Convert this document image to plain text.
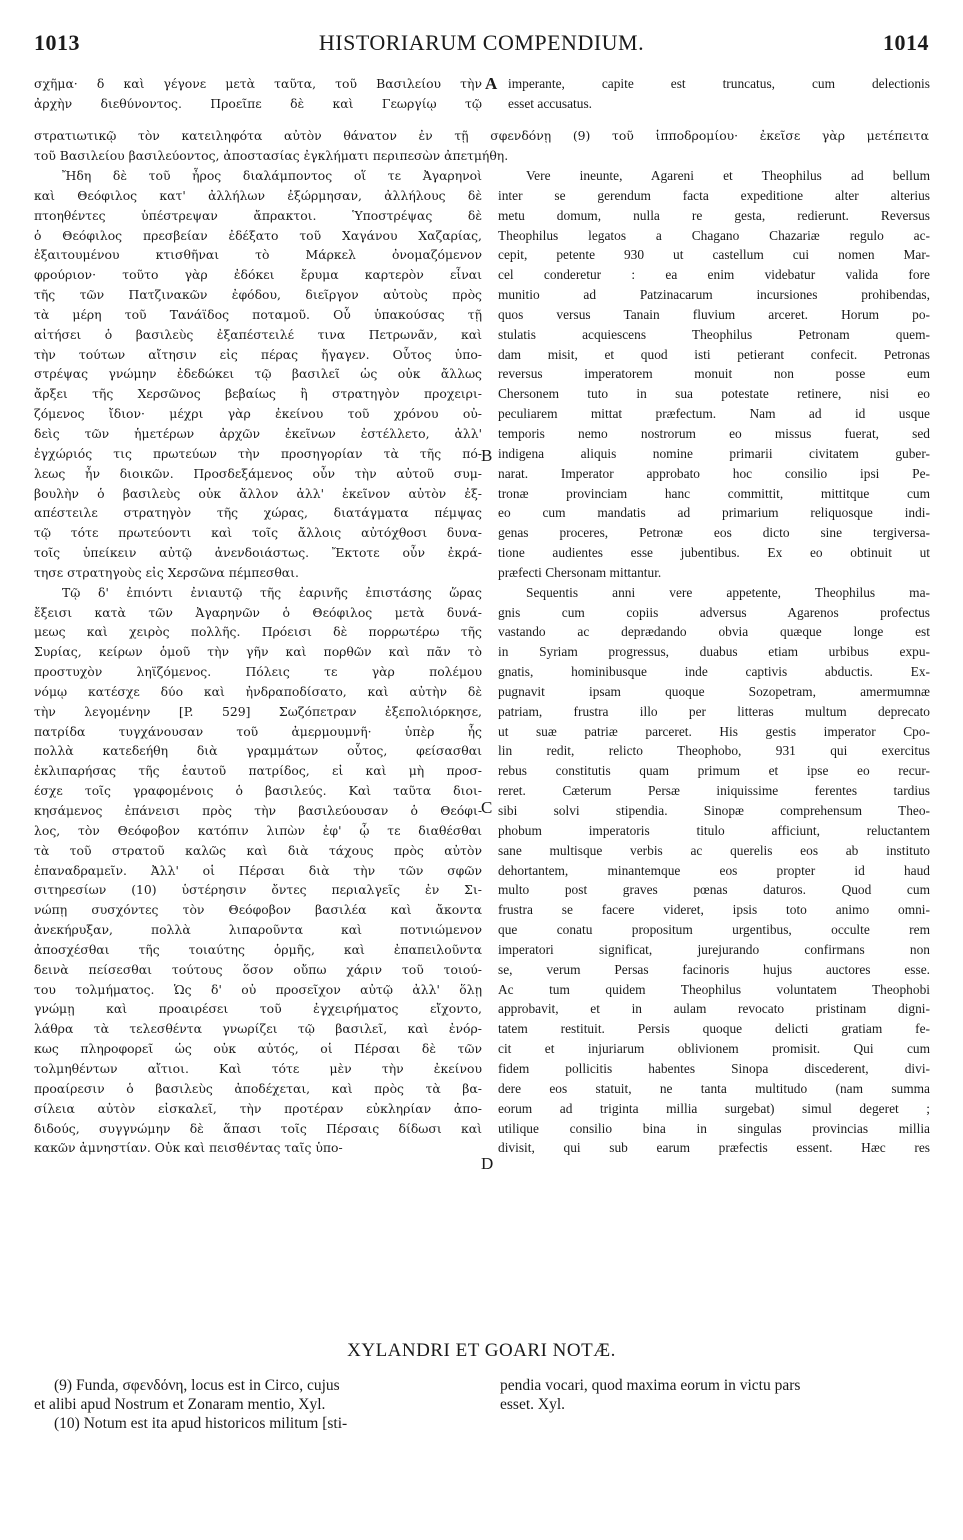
1013	HISTORIARUM COMPENDIUM.	1014
σχῆμα· δ καὶ γέγονε μετὰ ταῦτα, τοῦ Βασιλείου τὴν
ἀρχὴν διεθύνοντος. Προεῖπε δὲ καὶ Γεωργίῳ τῷ
imperante, capite est truncatus, cum delectionis
esset accusatus.
στρατιωτικῷ τὸν κατειληφότα αὐτὸν θάνατον ἐν τῇ σφενδόνῃ (9) τοῦ ἱπποδρομίου· ἐκεῖσε γὰρ μετέπειτα
τοῦ Βασιλείου βασιλεύοντος, ἀποστασίας ἐγκλήματι περιπεσὼν ἀπετμήθη.
Ἤδη δὲ τοῦ ἦρος διαλάμποντος οἵ τε Ἀγαρηνοὶ
καὶ Θεόφιλος κατ' ἀλλήλων ἐξώρμησαν, ἀλλήλους δὲ
πτοηθέντες ὑπέστρεψαν ἄπρακτοι. Ὑποστρέψας δὲ
ὁ Θεόφιλος πρεσβείαν ἐδέξατο τοῦ Χαγάνου Χαζαρίας,
ἐξαιτουμένου κτισθῆναι τὸ Μάρκελ ὀνομαζόμενον
φρούριον· τοῦτο γὰρ ἐδόκει ἔρυμα καρτερὸν εἶναι
τῆς τῶν Πατζινακῶν ἐφόδου, διεῖργον αὐτοὺς πρὸς
τὰ μέρη τοῦ Τανάϊδος ποταμοῦ. Οὗ ὑπακούσας τῇ
αἰτήσει ὁ βασιλεὺς ἐξαπέστειλέ τινα Πετρωνᾶν, καὶ
τὴν τούτων αἴτησιν εἰς πέρας ἤγαγεν. Οὗτος ὑπο-
στρέψας γνώμην ἐδεδώκει τῷ βασιλεῖ ὡς οὐκ ἄλλως
ἄρξει τῆς Χερσῶνος βεβαίως ἢ στρατηγὸν προχειρι-
ζόμενος ἴδιον· μέχρι γὰρ ἐκείνου τοῦ χρόνου οὐ-
δεὶς τῶν ἡμετέρων ἀρχῶν ἐκεῖνων ἐστέλλετο, ἀλλ'
ἐγχώριός τις πρωτεύων τὴν προσηγορίαν τὰ τῆς πό-
λεως ἦν διοικῶν. Προσδεξάμενος οὖν τὴν αὐτοῦ συμ-
βουλὴν ὁ βασιλεὺς οὐκ ἄλλον ἀλλ' ἐκεῖνον αὐτὸν ἐξ-
απέστειλε στρατηγὸν τῆς χώρας, διατάγματα πέμψας
τῷ τότε πρωτεύοντι καὶ τοῖς ἄλλοις αὐτόχθοσι δυνα-
τοῖς ὑπείκειν αὐτῷ ἀνενδοιάστως. Ἔκτοτε οὖν ἐκρά-
τησε στρατηγοὺς εἰς Χερσῶνα πέμπεσθαι.
Τῷ δ' ἐπιόντι ἐνιαυτῷ τῆς ἐαρινῆς ἐπιστάσης ὥρας
ἔξεισι κατὰ τῶν Ἀγαρηνῶν ὁ Θεόφιλος μετὰ δυνά-
μεως καὶ χειρὸς πολλῆς. Πρόεισι δὲ πορρωτέρω τῆς
Συρίας, κείρων ὁμοῦ τὴν γῆν καὶ πορθῶν καὶ πᾶν τὸ
προστυχὸν ληϊζόμενος. Πόλεις τε γὰρ πολέμου
νόμῳ κατέσχε δύο καὶ ἠνδραποδίσατο, καὶ αὐτὴν δὲ
τὴν λεγομένην [P. 529] Σωζόπετραν ἐξεπολιόρκησε,
πατρίδα τυγχάνουσαν τοῦ ἀμερμουμνῆ· ὑπὲρ ἧς
πολλὰ κατεδεήθη διὰ γραμμάτων οὗτος, φείσασθαι
ἐκλιπαρήσας τῆς ἑαυτοῦ πατρίδος, εἰ καὶ μὴ προσ-
έσχε τοῖς γραφομένοις ὁ βασιλεύς. Καὶ ταῦτα διοι-
κησάμενος ἐπάνεισι πρὸς τὴν βασιλεύουσαν ὁ Θεόφι-
λος, τὸν Θεόφοβον κατόπιν λιπὼν ἐφ' ᾧ τε διαθέσθαι
τὰ τοῦ στρατοῦ καλῶς καὶ διὰ τάχους πρὸς αὐτὸν
ἐπαναδραμεῖν. Ἀλλ' οἱ Πέρσαι διὰ τὴν τῶν σφῶν
σιτηρεσίων (10) ὑστέρησιν ὄντες περιαλγεῖς ἐν Σι-
νώπῃ συσχόντες τὸν Θεόφοβον βασιλέα καὶ ἄκοντα
ἀνεκήρυξαν, πολλὰ λιπαροῦντα καὶ ποτνιώμενον
ἀποσχέσθαι τῆς τοιαύτης ὁρμῆς, καὶ ἐπαπειλοῦντα
δεινὰ πείσεσθαι τούτους ὅσον οὔπω χάριν τοῦ τοιού-
του τολμήματος. Ὡς δ' οὐ προσεῖχον αὐτῷ ἀλλ' ὅλῃ
γνώμῃ καὶ προαιρέσει τοῦ ἐγχειρήματος εἴχοντο,
λάθρα τὰ τελεσθέντα γνωρίζει τῷ βασιλεῖ, καὶ ἐνόρ-
κως πληροφορεῖ ὡς οὐκ αὐτός, οἱ Πέρσαι δὲ τῶν
τολμηθέντων αἴτιοι. Καὶ τότε μὲν τὴν ἐκείνου
προαίρεσιν ὁ βασιλεὺς ἀποδέχεται, καὶ πρὸς τὰ βα-
σίλεια αὐτὸν εἰσκαλεῖ, τὴν προτέραν εὐκληρίαν ἀπο-
διδούς, συγγνώμην δὲ ἅπασι τοῖς Πέρσαις δίδωσι καὶ
κακῶν ἀμνηστίαν. Οὐκ καὶ πεισθέντας ταῖς ὑπο-
Vere ineunte, Agareni et Theophilus ad bellum
inter se gerendum facta expeditione alter alterius
metu domum, nulla re gesta, redierunt. Reversus
Theophilus legatos a Chagano Chazariæ regulo ac-
cepit, petente 930 ut castellum cui nomen Mar-
cel conderetur : ea enim videbatur valida fore
munitio ad Patzinacarum incursiones prohibendas,
quos versus Tanain fluvium arceret. Horum po-
stulatis acquiescens Theophilus Petronam quem-
dam misit, et quod isti petierant confecit. Petronas
reversus imperatorem monuit non posse eum
Chersonem tuto in sua potestate retinere, nisi eo
peculiarem mittat præfectum. Nam ad id usque
temporis nemo nostrorum eo missus fuerat, sed
indigena aliquis nomine primarii civitatem guber-
narat. Imperator approbato hoc consilio ipsi Pe-
tronæ provinciam hanc committit, mittitque cum
eo cum mandatis ad primarium reliquosque indi-
genas proceres, Petronæ eos dicto sine tergiversa-
tione audientes esse jubentibus. Ex eo obtinuit ut
præfecti Chersonam mittantur.
Sequentis anni vere appetente, Theophilus ma-
gnis cum copiis adversus Agarenos profectus
vastando ac deprædando obvia quæque longe est
in Syriam progressus, duabus etiam urbibus expu-
gnatis, hominibusque inde captivis abductis. Ex-
pugnavit ipsam quoque Sozopetram, amermumnæ
patriam, frustra illo per litteras multum deprecato
ut suæ patriæ parceret. His gestis imperator Cpo-
lin redit, relicto Theophobo, 931 qui exercitus
rebus constitutis quam primum et ipse eo recur-
reret. Cæterum Persæ iniquissime ferentes tardius
sibi solvi stipendia. Sinopæ comprehensum Theo-
phobum imperatoris titulo afficiunt, reluctantem
sane multisque verbis ac querelis eos ab instituto
dehortantem, minantemque eos propter id haud
multo post graves pœnas daturos. Quod cum
frustra se facere videret, ipsis toto animo omni-
que conatu propositum urgentibus, occulte rem
imperatori significat, jurejurando confirmans non
se, verum Persas facinoris hujus auctores esse.
Ac tum quidem Theophilus voluntatem Theophobi
approbavit, et in aulam revocato pristinam digni-
tatem restituit. Persis quoque delicti gratiam fe-
cit et injuriarum oblivionem promisit. Qui cum
fidem pollicitis habentes Sinopa discederent, divi-
dere eos statuit, ne tanta multitudo (nam summa
eorum ad triginta millia surgebat) simul degeret ;
utilique consilio bina in singulas provincias millia
divisit, qui sub earum præfectis essent. Hæc res
A
B
C
D
XYLANDRI ET GOARI NOTÆ.
(9) Funda, σφενδόνη, locus est in Circo, cujus
et alibi apud Nostrum et Zonaram mentio, Xyl.
(10) Notum est ita apud historicos militum [sti-
pendia vocari, quod maxima eorum in victu pars
esset. Xyl.
